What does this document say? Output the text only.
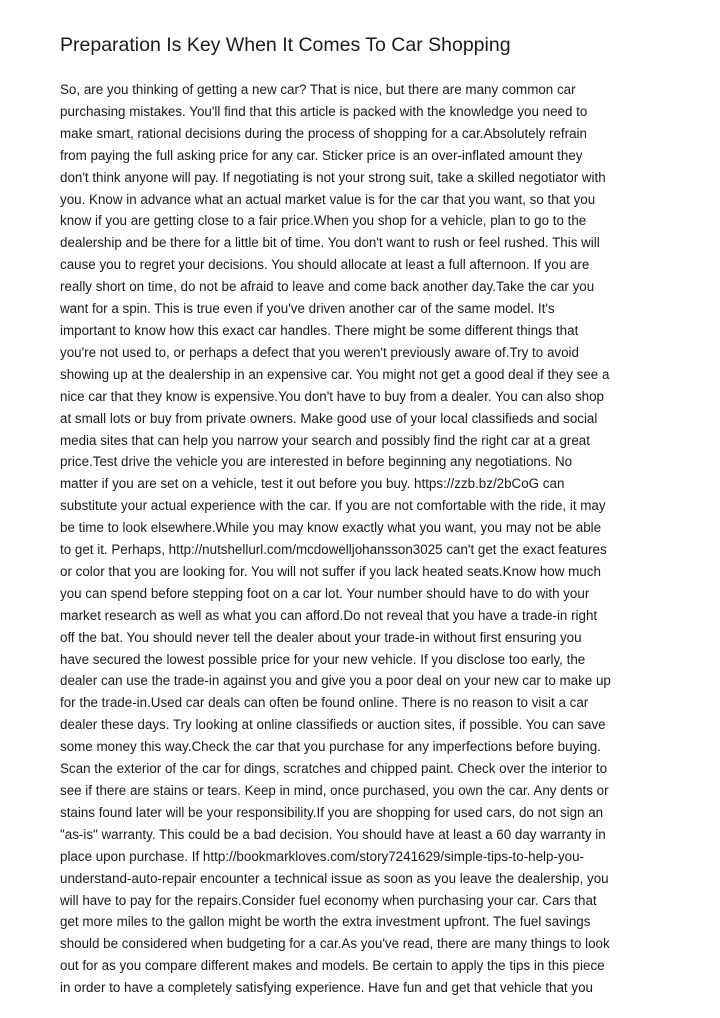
Preparation Is Key When It Comes To Car Shopping
So, are you thinking of getting a new car? That is nice, but there are many common car
purchasing mistakes. You'll find that this article is packed with the knowledge you need to
make smart, rational decisions during the process of shopping for a car.Absolutely refrain
from paying the full asking price for any car. Sticker price is an over-inflated amount they
don't think anyone will pay. If negotiating is not your strong suit, take a skilled negotiator with
you. Know in advance what an actual market value is for the car that you want, so that you
know if you are getting close to a fair price.When you shop for a vehicle, plan to go to the
dealership and be there for a little bit of time. You don't want to rush or feel rushed. This will
cause you to regret your decisions. You should allocate at least a full afternoon. If you are
really short on time, do not be afraid to leave and come back another day.Take the car you
want for a spin. This is true even if you've driven another car of the same model. It's
important to know how this exact car handles. There might be some different things that
you're not used to, or perhaps a defect that you weren't previously aware of.Try to avoid
showing up at the dealership in an expensive car. You might not get a good deal if they see a
nice car that they know is expensive.You don't have to buy from a dealer. You can also shop
at small lots or buy from private owners. Make good use of your local classifieds and social
media sites that can help you narrow your search and possibly find the right car at a great
price.Test drive the vehicle you are interested in before beginning any negotiations. No
matter if you are set on a vehicle, test it out before you buy. https://zzb.bz/2bCoG can
substitute your actual experience with the car. If you are not comfortable with the ride, it may
be time to look elsewhere.While you may know exactly what you want, you may not be able
to get it. Perhaps, http://nutshellurl.com/mcdowelljohansson3025 can't get the exact features
or color that you are looking for. You will not suffer if you lack heated seats.Know how much
you can spend before stepping foot on a car lot. Your number should have to do with your
market research as well as what you can afford.Do not reveal that you have a trade-in right
off the bat. You should never tell the dealer about your trade-in without first ensuring you
have secured the lowest possible price for your new vehicle. If you disclose too early, the
dealer can use the trade-in against you and give you a poor deal on your new car to make up
for the trade-in.Used car deals can often be found online. There is no reason to visit a car
dealer these days. Try looking at online classifieds or auction sites, if possible. You can save
some money this way.Check the car that you purchase for any imperfections before buying.
Scan the exterior of the car for dings, scratches and chipped paint. Check over the interior to
see if there are stains or tears. Keep in mind, once purchased, you own the car. Any dents or
stains found later will be your responsibility.If you are shopping for used cars, do not sign an
"as-is" warranty. This could be a bad decision. You should have at least a 60 day warranty in
place upon purchase. If http://bookmarkloves.com/story7241629/simple-tips-to-help-you-
understand-auto-repair encounter a technical issue as soon as you leave the dealership, you
will have to pay for the repairs.Consider fuel economy when purchasing your car. Cars that
get more miles to the gallon might be worth the extra investment upfront. The fuel savings
should be considered when budgeting for a car.As you've read, there are many things to look
out for as you compare different makes and models. Be certain to apply the tips in this piece
in order to have a completely satisfying experience. Have fun and get that vehicle that you
